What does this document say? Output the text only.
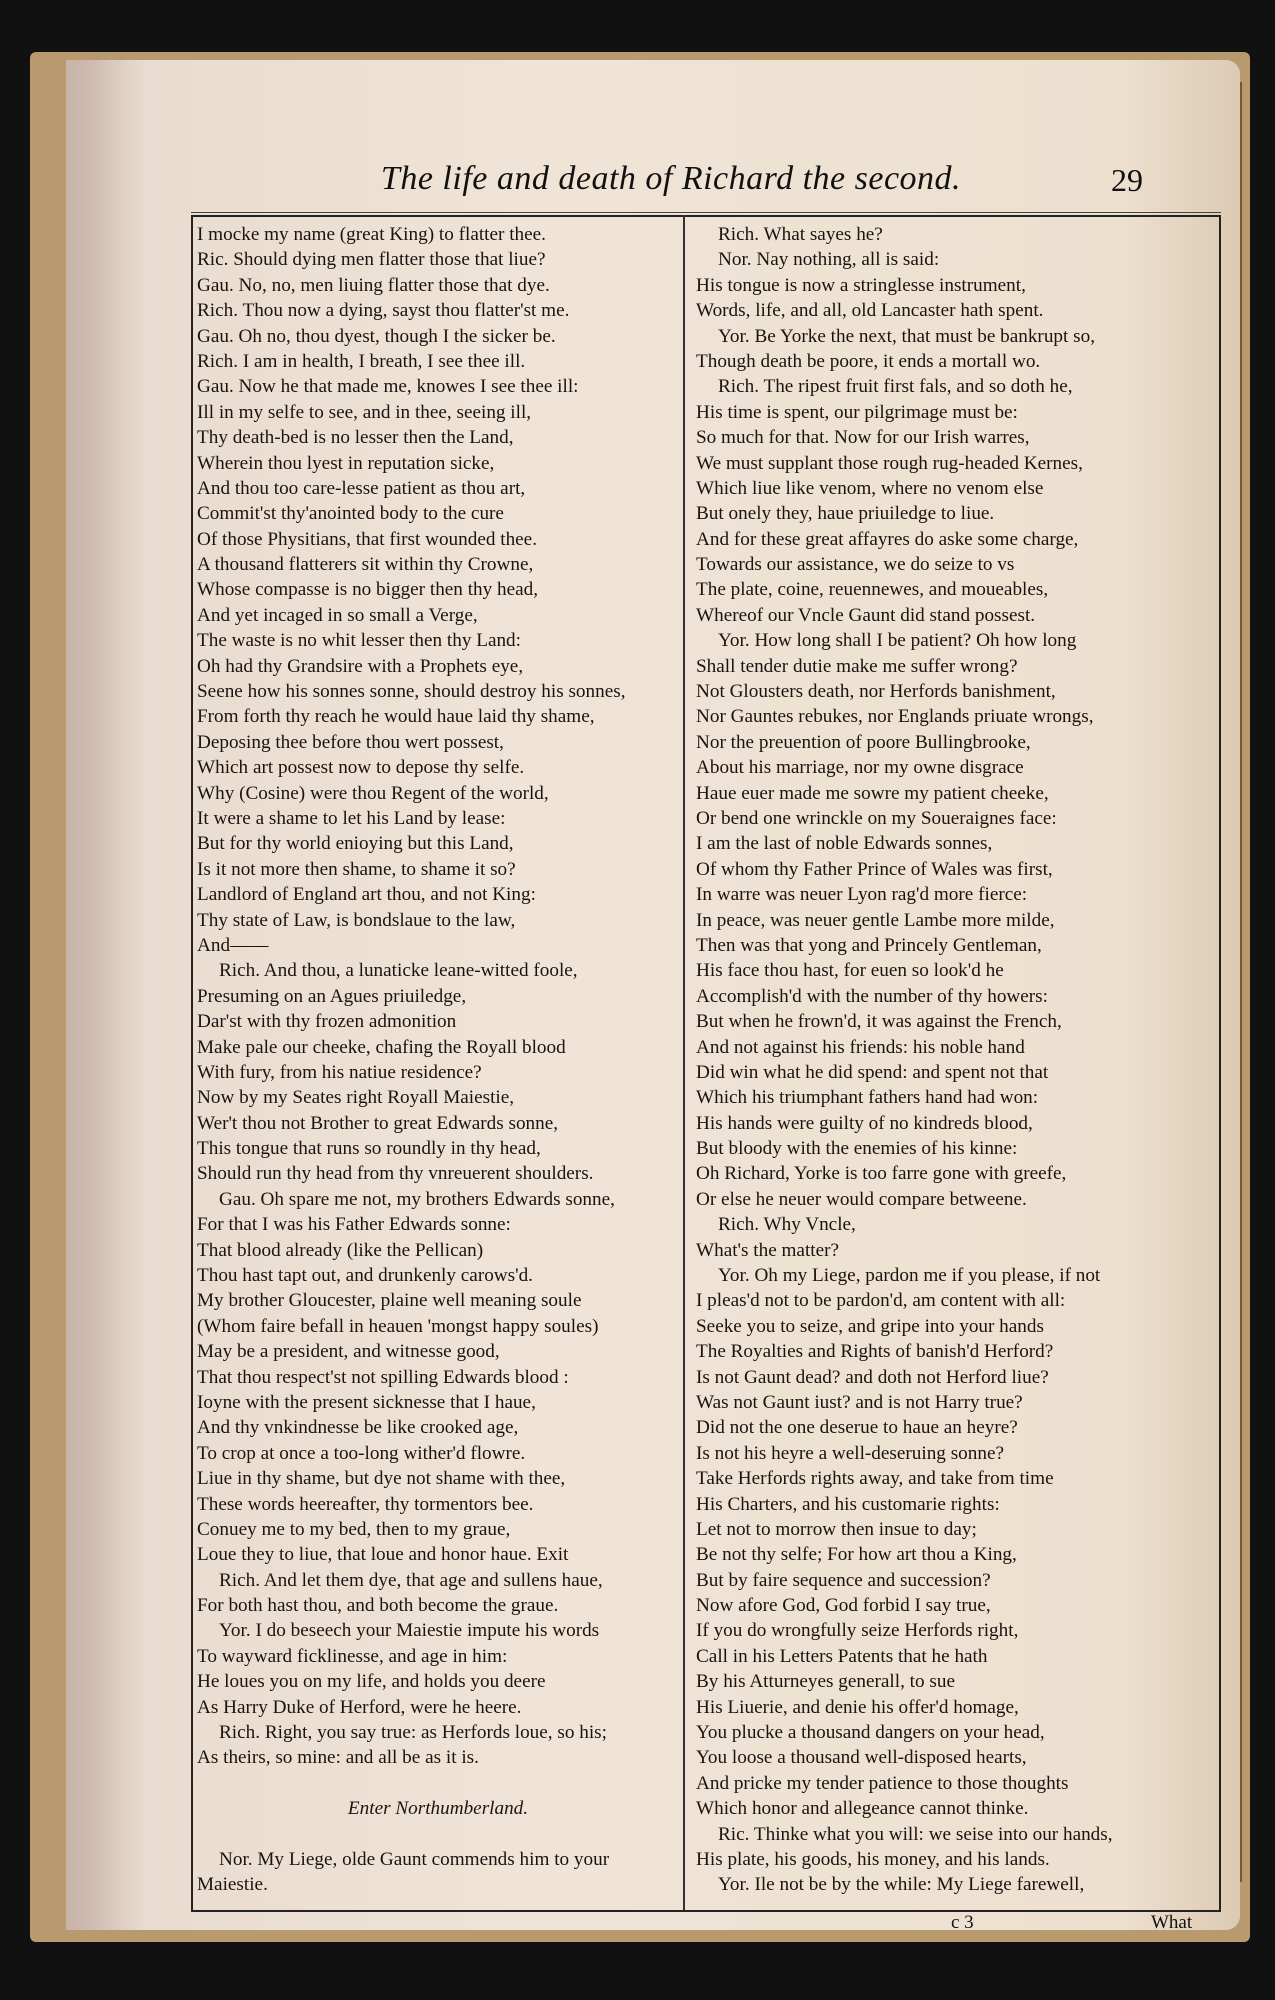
The life and death of Richard the second.	29
I mocke my name (great King) to flatter thee.
Ric. Should dying men flatter those that liue?
Gau. No, no, men liuing flatter those that dye.
Rich. Thou now a dying, sayst thou flatter'st me.
Gau. Oh no, thou dyest, though I the sicker be.
Rich. I am in health, I breath, I see thee ill.
Gau. Now he that made me, knowes I see thee ill:
Ill in my selfe to see, and in thee, seeing ill,
Thy death-bed is no lesser then the Land,
Wherein thou lyest in reputation sicke,
And thou too care-lesse patient as thou art,
Commit'st thy'anointed body to the cure
Of those Physitians, that first wounded thee.
A thousand flatterers sit within thy Crowne,
Whose compasse is no bigger then thy head,
And yet incaged in so small a Verge,
The waste is no whit lesser then thy Land:
Oh had thy Grandsire with a Prophets eye,
Seene how his sonnes sonne, should destroy his sonnes,
From forth thy reach he would haue laid thy shame,
Deposing thee before thou wert possest,
Which art possest now to depose thy selfe.
Why (Cosine) were thou Regent of the world,
It were a shame to let his Land by lease:
But for thy world enioying but this Land,
Is it not more then shame, to shame it so?
Landlord of England art thou, and not King:
Thy state of Law, is bondslaue to the law,
And——
Rich. And thou, a lunaticke leane-witted foole,
Presuming on an Agues priuiledge,
Dar'st with thy frozen admonition
Make pale our cheeke, chafing the Royall blood
With fury, from his natiue residence?
Now by my Seates right Royall Maiestie,
Wer't thou not Brother to great Edwards sonne,
This tongue that runs so roundly in thy head,
Should run thy head from thy vnreuerent shoulders.
Gau. Oh spare me not, my brothers Edwards sonne,
For that I was his Father Edwards sonne:
That blood already (like the Pellican)
Thou hast tapt out, and drunkenly carows'd.
My brother Gloucester, plaine well meaning soule
(Whom faire befall in heauen 'mongst happy soules)
May be a president, and witnesse good,
That thou respect'st not spilling Edwards blood :
Ioyne with the present sicknesse that I haue,
And thy vnkindnesse be like crooked age,
To crop at once a too-long wither'd flowre.
Liue in thy shame, but dye not shame with thee,
These words heereafter, thy tormentors bee.
Conuey me to my bed, then to my graue,
Loue they to liue, that loue and honor haue. Exit
Rich. And let them dye, that age and sullens haue,
For both hast thou, and both become the graue.
Yor. I do beseech your Maiestie impute his words
To wayward ficklinesse, and age in him:
He loues you on my life, and holds you deere
As Harry Duke of Herford, were he heere.
Rich. Right, you say true: as Herfords loue, so his;
As theirs, so mine: and all be as it is.

Enter Northumberland.

Nor. My Liege, olde Gaunt commends him to your
Maiestie.
Rich. What sayes he?
Nor. Nay nothing, all is said:
His tongue is now a stringlesse instrument,
Words, life, and all, old Lancaster hath spent.
Yor. Be Yorke the next, that must be bankrupt so,
Though death be poore, it ends a mortall wo.
Rich. The ripest fruit first fals, and so doth he,
His time is spent, our pilgrimage must be:
So much for that. Now for our Irish warres,
We must supplant those rough rug-headed Kernes,
Which liue like venom, where no venom else
But onely they, haue priuiledge to liue.
And for these great affayres do aske some charge,
Towards our assistance, we do seize to vs
The plate, coine, reuennewes, and moueables,
Whereof our Vncle Gaunt did stand possest.
Yor. How long shall I be patient? Oh how long
Shall tender dutie make me suffer wrong?
Not Glousters death, nor Herfords banishment,
Nor Gauntes rebukes, nor Englands priuate wrongs,
Nor the preuention of poore Bullingbrooke,
About his marriage, nor my owne disgrace
Haue euer made me sowre my patient cheeke,
Or bend one wrinckle on my Soueraignes face:
I am the last of noble Edwards sonnes,
Of whom thy Father Prince of Wales was first,
In warre was neuer Lyon rag'd more fierce:
In peace, was neuer gentle Lambe more milde,
Then was that yong and Princely Gentleman,
His face thou hast, for euen so look'd he
Accomplish'd with the number of thy howers:
But when he frown'd, it was against the French,
And not against his friends: his noble hand
Did win what he did spend: and spent not that
Which his triumphant fathers hand had won:
His hands were guilty of no kindreds blood,
But bloody with the enemies of his kinne:
Oh Richard, Yorke is too farre gone with greefe,
Or else he neuer would compare betweene.
Rich. Why Vncle,
What's the matter?
Yor. Oh my Liege, pardon me if you please, if not
I pleas'd not to be pardon'd, am content with all:
Seeke you to seize, and gripe into your hands
The Royalties and Rights of banish'd Herford?
Is not Gaunt dead? and doth not Herford liue?
Was not Gaunt iust? and is not Harry true?
Did not the one deserue to haue an heyre?
Is not his heyre a well-deseruing sonne?
Take Herfords rights away, and take from time
His Charters, and his customarie rights:
Let not to morrow then insue to day;
Be not thy selfe; For how art thou a King,
But by faire sequence and succession?
Now afore God, God forbid I say true,
If you do wrongfully seize Herfords right,
Call in his Letters Patents that he hath
By his Atturneyes generall, to sue
His Liuerie, and denie his offer'd homage,
You plucke a thousand dangers on your head,
You loose a thousand well-disposed hearts,
And pricke my tender patience to those thoughts
Which honor and allegeance cannot thinke.
Ric. Thinke what you will: we seise into our hands,
His plate, his goods, his money, and his lands.
Yor. Ile not be by the while: My Liege farewell,
c 3	What
